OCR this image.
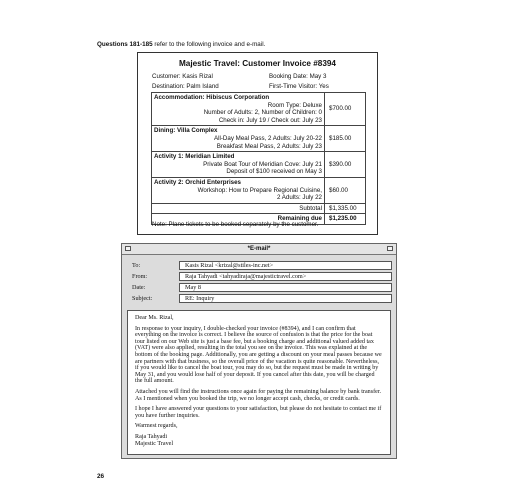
Questions 181-185 refer to the following invoice and e-mail.
Majestic Travel: Customer Invoice #8394
Customer: Kasis Rizal	Booking Date: May 3
Destination: Palm Island	First-Time Visitor: Yes
Accommodation: Hibiscus Corporation
Room Type: Deluxe
Number of Adults: 2, Number of Children: 0
Check in: July 19 / Check out: July 23	$700.00

Dining: Villa Complex
All-Day Meal Pass, 2 Adults: July 20-22
Breakfast Meal Pass, 2 Adults: July 23	$185.00

Activity 1: Meridian Limited
Private Boat Tour of Meridian Cove: July 21
Deposit of $100 received on May 3	$390.00

Activity 2: Orchid Enterprises
Workshop: How to Prepare Regional Cuisine,
2 Adults: July 22	$60.00
Subtotal	$1,335.00
Remaining due	$1,235.00
Note: Plane tickets to be booked separately by the customer.
*E-mail*
To:	Kasis Rizal <krizal@stiles-inc.net>
From:	Raja Tahyadi <tahyadiraja@majestictravel.com>
Date:	May 8
Subject:	RE: Inquiry

Dear Ms. Rizal,

In response to your inquiry, I double-checked your invoice (#8394), and I can confirm that everything on the invoice is correct. I believe the source of confusion is that the price for the boat tour listed on our Web site is just a base fee, but a booking charge and additional valued added tax (VAT) were also applied, resulting in the total you see on the invoice. This was explained at the bottom of the booking page. Additionally, you are getting a discount on your meal passes because we are partners with that business, so the overall price of the vacation is quite reasonable. Nevertheless, if you would like to cancel the boat tour, you may do so, but the request must be made in writing by May 31, and you would lose half of your deposit. If you cancel after this date, you will be charged the full amount.

Attached you will find the instructions once again for paying the remaining balance by bank transfer. As I mentioned when you booked the trip, we no longer accept cash, checks, or credit cards.

I hope I have answered your questions to your satisfaction, but please do not hesitate to contact me if you have further inquiries.

Warmest regards,

Raja Tahyadi
Majestic Travel
26
